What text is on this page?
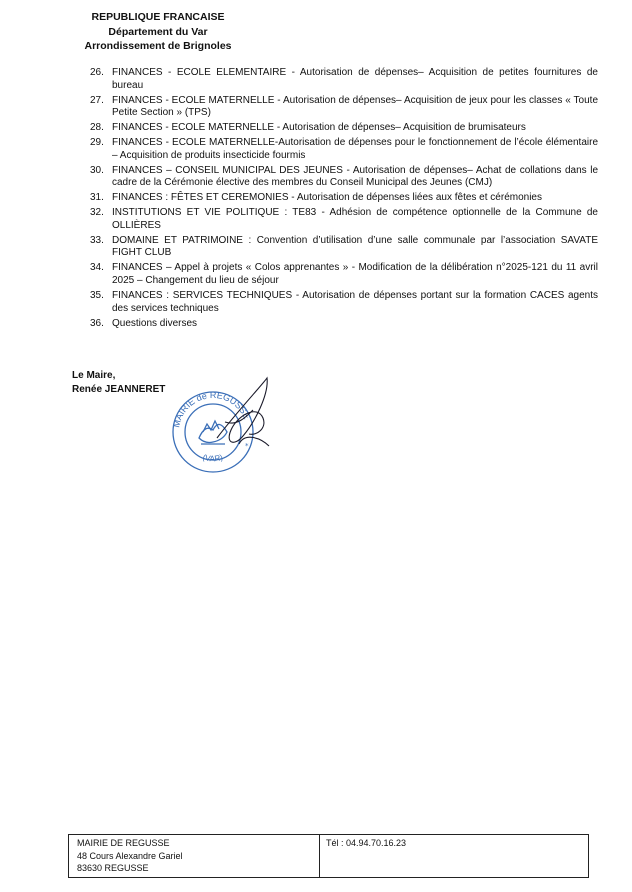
REPUBLIQUE FRANCAISE
Département du Var
Arrondissement de Brignoles
26. FINANCES - ECOLE ELEMENTAIRE - Autorisation de dépenses– Acquisition de petites fournitures de bureau
27. FINANCES - ECOLE MATERNELLE - Autorisation de dépenses– Acquisition de jeux pour les classes « Toute Petite Section » (TPS)
28. FINANCES - ECOLE MATERNELLE - Autorisation de dépenses– Acquisition de brumisateurs
29. FINANCES - ECOLE MATERNELLE-Autorisation de dépenses pour le fonctionnement de l’école élémentaire – Acquisition de produits insecticide fourmis
30. FINANCES – CONSEIL MUNICIPAL DES JEUNES - Autorisation de dépenses– Achat de collations dans le cadre de la Cérémonie élective des membres du Conseil Municipal des Jeunes (CMJ)
31. FINANCES : FÊTES ET CEREMONIES - Autorisation de dépenses liées aux fêtes et cérémonies
32. INSTITUTIONS ET VIE POLITIQUE : TE83 - Adhésion de compétence optionnelle de la Commune de OLLIÈRES
33. DOMAINE ET PATRIMOINE : Convention d’utilisation d’une salle communale par l’association SAVATE FIGHT CLUB
34. FINANCES – Appel à projets « Colos apprenantes » - Modification de la délibération n°2025-121 du 11 avril 2025 – Changement du lieu de séjour
35. FINANCES : SERVICES TECHNIQUES - Autorisation de dépenses portant sur la formation CACES agents des services techniques
36. Questions diverses
Le Maire,
Renée JEANNERET
MAIRIE de REGUSSE
(VAR)
*
MAIRIE DE REGUSSE
48 Cours Alexandre Gariel
83630 REGUSSE
Tél : 04.94.70.16.23
